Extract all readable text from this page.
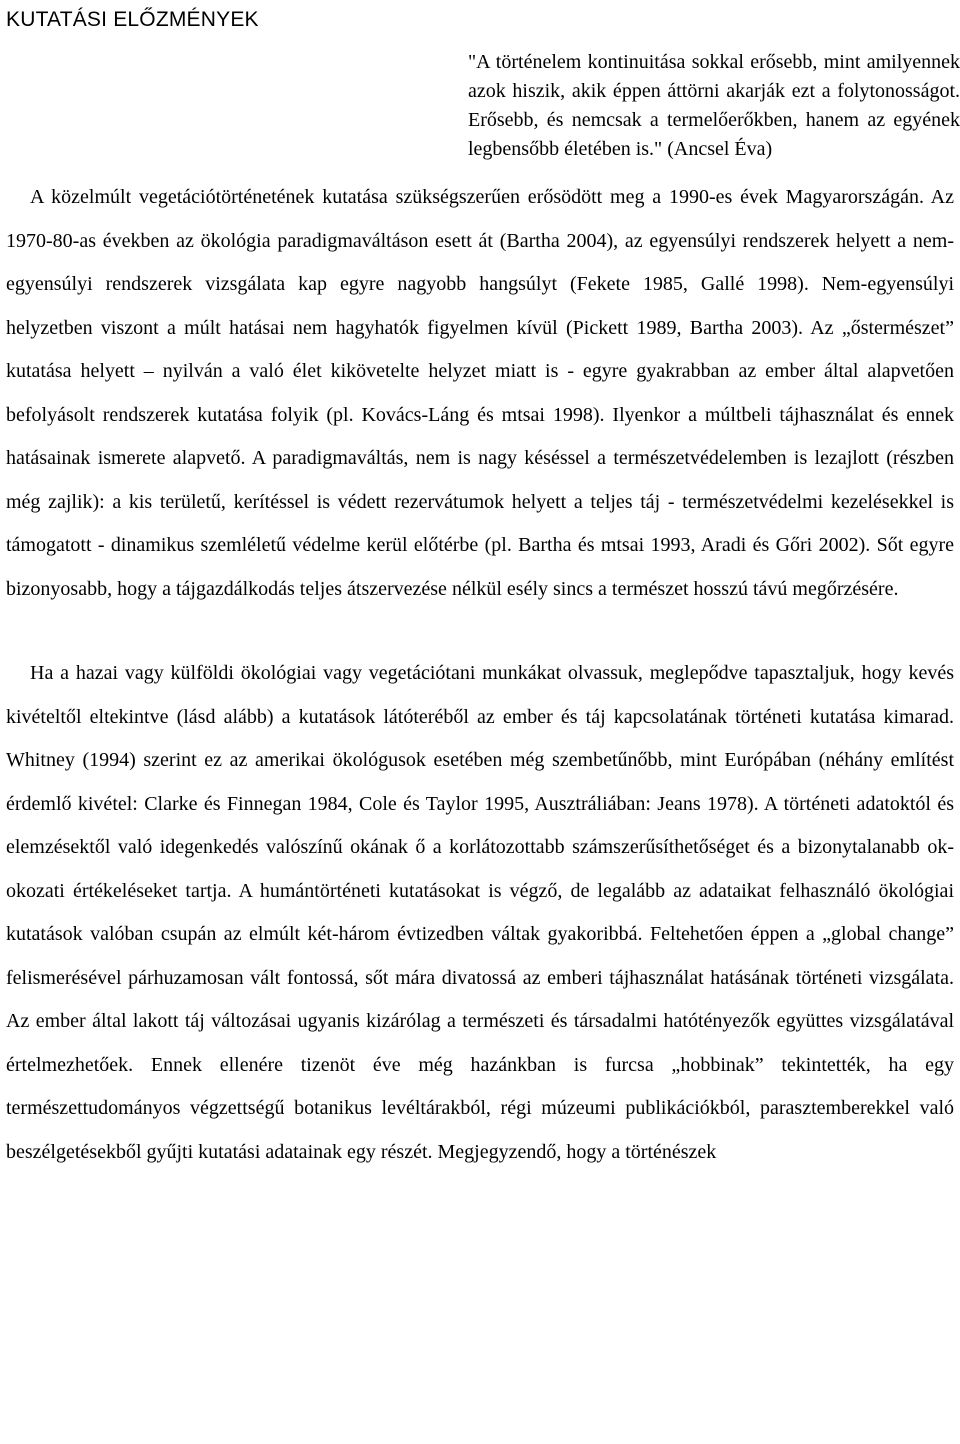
KUTATÁSI ELŐZMÉNYEK

"A történelem kontinuitása sokkal erősebb, mint amilyennek azok hiszik, akik éppen áttörni akarják ezt a folytonosságot. Erősebb, és nemcsak a termelőerőkben, hanem az egyének legbensőbb életében is." (Ancsel Éva)

A közelmúlt vegetációtörténetének kutatása szükségszerűen erősödött meg a 1990-es évek Magyarországán. Az 1970-80-as években az ökológia paradigmaváltáson esett át (Bartha 2004), az egyensúlyi rendszerek helyett a nem-egyensúlyi rendszerek vizsgálata kap egyre nagyobb hangsúlyt (Fekete 1985, Gallé 1998). Nem-egyensúlyi helyzetben viszont a múlt hatásai nem hagyhatók figyelmen kívül (Pickett 1989, Bartha 2003). Az „őstermészet” kutatása helyett – nyilván a való élet kikövetelte helyzet miatt is - egyre gyakrabban az ember által alapvetően befolyásolt rendszerek kutatása folyik (pl. Kovács-Láng és mtsai 1998). Ilyenkor a múltbeli tájhasználat és ennek hatásainak ismerete alapvető. A paradigmaváltás, nem is nagy késéssel a természetvédelemben is lezajlott (részben még zajlik): a kis területű, kerítéssel is védett rezervátumok helyett a teljes táj - természetvédelmi kezelésekkel is támogatott - dinamikus szemléletű védelme kerül előtérbe (pl. Bartha és mtsai 1993, Aradi és Gőri 2002). Sőt egyre bizonyosabb, hogy a tájgazdálkodás teljes átszervezése nélkül esély sincs a természet hosszú távú megőrzésére.

Ha a hazai vagy külföldi ökológiai vagy vegetációtani munkákat olvassuk, meglepődve tapasztaljuk, hogy kevés kivételtől eltekintve (lásd alább) a kutatások látóteréből az ember és táj kapcsolatának történeti kutatása kimarad. Whitney (1994) szerint ez az amerikai ökológusok esetében még szembetűnőbb, mint Európában (néhány említést érdemlő kivétel: Clarke és Finnegan 1984, Cole és Taylor 1995, Ausztráliában: Jeans 1978). A történeti adatoktól és elemzésektől való idegenkedés valószínű okának ő a korlátozottabb számszerűsíthetőséget és a bizonytalanabb ok-okozati értékeléseket tartja. A humántörténeti kutatásokat is végző, de legalább az adataikat felhasználó ökológiai kutatások valóban csupán az elmúlt két-három évtizedben váltak gyakoribbá. Feltehetően éppen a „global change” felismerésével párhuzamosan vált fontossá, sőt mára divatossá az emberi tájhasználat hatásának történeti vizsgálata. Az ember által lakott táj változásai ugyanis kizárólag a természeti és társadalmi hatótényezők együttes vizsgálatával értelmezhetőek. Ennek ellenére tizenöt éve még hazánkban is furcsa „hobbinak” tekintették, ha egy természettudományos végzettségű botanikus levéltárakból, régi múzeumi publikációkból, parasztemberekkel való beszélgetésekből gyűjti kutatási adatainak egy részét. Megjegyzendő, hogy a történészek
